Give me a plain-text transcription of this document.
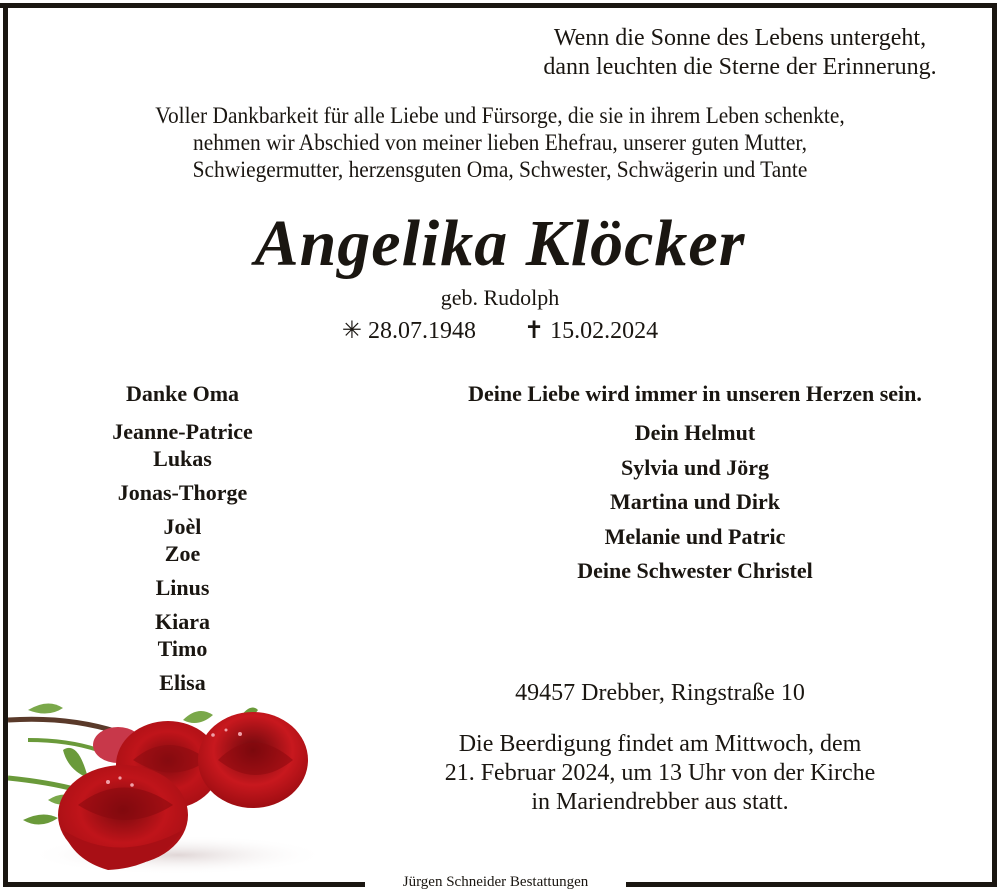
Wenn die Sonne des Lebens untergeht,
dann leuchten die Sterne der Erinnerung.
Voller Dankbarkeit für alle Liebe und Fürsorge, die sie in ihrem Leben schenkte,
nehmen wir Abschied von meiner lieben Ehefrau, unserer guten Mutter,
Schwiegermutter, herzensguten Oma, Schwester, Schwägerin und Tante
Angelika Klöcker
geb. Rudolph
✳ 28.07.1948 ✝ 15.02.2024
Danke Oma
Jeanne-Patrice
Lukas
Jonas-Thorge
Joèl
Zoe
Linus
Kiara
Timo
Elisa
Deine Liebe wird immer in unseren Herzen sein.
Dein Helmut
Sylvia und Jörg
Martina und Dirk
Melanie und Patric
Deine Schwester Christel
49457 Drebber, Ringstraße 10
Die Beerdigung findet am Mittwoch, dem
21. Februar 2024, um 13 Uhr von der Kirche
in Mariendrebber aus statt.
Jürgen Schneider Bestattungen
